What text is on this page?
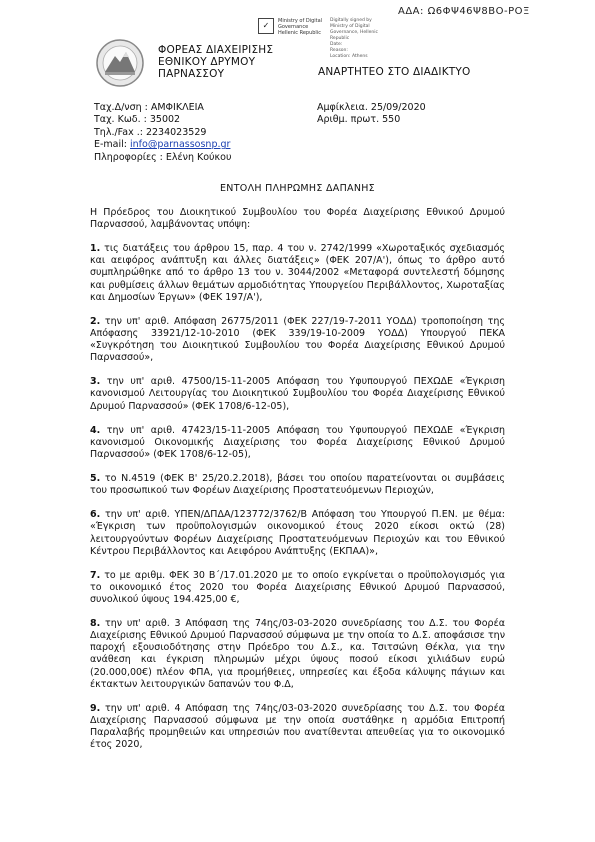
ΑΔΑ: Ω6ΦΨ46Ψ8ΒΟ-ΡΟΞ
✓	Ministry of Digital
Governance
Hellenic Republic
Digitally signed by
Ministry of Digital
Governance, Hellenic
Republic
Date:
Reason:
Location: Athens
ΦΟΡΕΑΣ ΔΙΑΧΕΙΡΙΣΗΣ
ΕΘΝΙΚΟΥ ΔΡΥΜΟΥ
ΠΑΡΝΑΣΣΟΥ	ΑΝΑΡΤΗΤΕΟ ΣΤΟ ΔΙΑΔΙΚΤΥΟ
Ταχ.Δ/νση : ΑΜΦΙΚΛΕΙΑ
Ταχ. Κωδ. : 35002
Τηλ./Fax .: 2234023529
E-mail: info@parnassosnp.gr
Πληροφορίες : Ελένη Κούκου
Αμφίκλεια. 25/09/2020
Αριθμ. πρωτ. 550
ΕΝΤΟΛΗ ΠΛΗΡΩΜΗΣ ΔΑΠΑΝΗΣ

Η Πρόεδρος του Διοικητικού Συμβουλίου του Φορέα Διαχείρισης Εθνικού Δρυμού Παρνασσού, λαμβάνοντας υπόψη:

1. τις διατάξεις του άρθρου 15, παρ. 4 του ν. 2742/1999 «Χωροταξικός σχεδιασμός και αειφόρος ανάπτυξη και άλλες διατάξεις» (ΦΕΚ 207/Α'), όπως το άρθρο αυτό συμπληρώθηκε από το άρθρο 13 του ν. 3044/2002 «Μεταφορά συντελεστή δόμησης και ρυθμίσεις άλλων θεμάτων αρμοδιότητας Υπουργείου Περιβάλλοντος, Χωροταξίας και Δημοσίων Έργων» (ΦΕΚ 197/Α'),

2. την υπ' αριθ. Απόφαση 26775/2011 (ΦΕΚ 227/19-7-2011 ΥΟΔΔ) τροποποίηση της Απόφασης 33921/12-10-2010 (ΦΕΚ 339/19-10-2009 ΥΟΔΔ) Υπουργού ΠΕΚΑ «Συγκρότηση του Διοικητικού Συμβουλίου του Φορέα Διαχείρισης Εθνικού Δρυμού Παρνασσού»,

3. την υπ' αριθ. 47500/15-11-2005 Απόφαση του Υφυπουργού ΠΕΧΩΔΕ «Έγκριση κανονισμού Λειτουργίας του Διοικητικού Συμβουλίου του Φορέα Διαχείρισης Εθνικού Δρυμού Παρνασσού» (ΦΕΚ 1708/6-12-05),

4. την υπ' αριθ. 47423/15-11-2005 Απόφαση του Υφυπουργού ΠΕΧΩΔΕ «Έγκριση κανονισμού Οικονομικής Διαχείρισης του Φορέα Διαχείρισης Εθνικού Δρυμού Παρνασσού» (ΦΕΚ 1708/6-12-05),

5. το Ν.4519 (ΦΕΚ Β' 25/20.2.2018), βάσει του οποίου παρατείνονται οι συμβάσεις του προσωπικού των Φορέων Διαχείρισης Προστατευόμενων Περιοχών,

6. την υπ' αριθ. ΥΠΕΝ/ΔΠΔΑ/123772/3762/Β Απόφαση του Υπουργού Π.ΕΝ. με θέμα: «Έγκριση των προϋπολογισμών οικονομικού έτους 2020 είκοσι οκτώ (28) λειτουργούντων Φορέων Διαχείρισης Προστατευόμενων Περιοχών και του Εθνικού Κέντρου Περιβάλλοντος και Αειφόρου Ανάπτυξης (ΕΚΠΑΑ)»,

7. το με αριθμ. ΦΕΚ 30 Β΄/17.01.2020 με το οποίο εγκρίνεται ο προϋπολογισμός για το οικονομικό έτος 2020 του Φορέα Διαχείρισης Εθνικού Δρυμού Παρνασσού, συνολικού ύψους 194.425,00 €,

8. την υπ' αριθ. 3 Απόφαση της 74ης/03-03-2020 συνεδρίασης του Δ.Σ. του Φορέα Διαχείρισης Εθνικού Δρυμού Παρνασσού σύμφωνα με την οποία το Δ.Σ. αποφάσισε την παροχή εξουσιοδότησης στην Πρόεδρο του Δ.Σ., κα. Τσιτσώνη Θέκλα, για την ανάθεση και έγκριση πληρωμών μέχρι ύψους ποσού είκοσι χιλιάδων ευρώ (20.000,00€) πλέον ΦΠΑ, για προμήθειες, υπηρεσίες και έξοδα κάλυψης πάγιων και έκτακτων λειτουργικών δαπανών του Φ.Δ,

9. την υπ' αριθ. 4 Απόφαση της 74ης/03-03-2020 συνεδρίασης του Δ.Σ. του Φορέα Διαχείρισης Παρνασσού σύμφωνα με την οποία συστάθηκε η αρμόδια Επιτροπή Παραλαβής προμηθειών και υπηρεσιών που ανατίθενται απευθείας για το οικονομικό έτος 2020,
